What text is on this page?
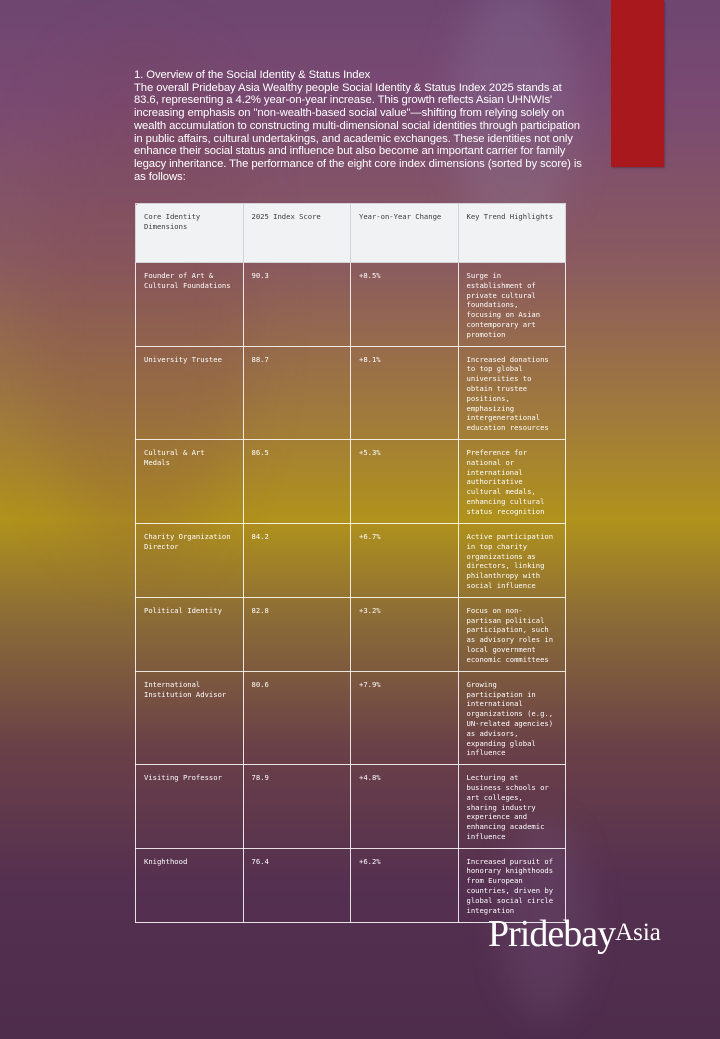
1. Overview of the Social Identity & Status Index

The overall Pridebay Asia Wealthy people Social Identity & Status Index 2025 stands at 83.6, representing a 4.2% year-on-year increase. This growth reflects Asian UHNWIs' increasing emphasis on "non-wealth-based social value"—shifting from relying solely on wealth accumulation to constructing multi-dimensional social identities through participation in public affairs, cultural undertakings, and academic exchanges. These identities not only enhance their social status and influence but also become an important carrier for family legacy inheritance. The performance of the eight core index dimensions (sorted by score) is as follows:

Core Identity Dimensions	2025 Index Score	Year-on-Year Change	Key Trend Highlights
Founder of Art & Cultural Foundations	90.3	+8.5%	Surge in establishment of private cultural foundations, focusing on Asian contemporary art promotion
University Trustee	88.7	+8.1%	Increased donations to top global universities to obtain trustee positions, emphasizing intergenerational education resources
Cultural & Art Medals	86.5	+5.3%	Preference for national or international authoritative cultural medals, enhancing cultural status recognition
Charity Organization Director	84.2	+6.7%	Active participation in top charity organizations as directors, linking philanthropy with social influence
Political Identity	82.8	+3.2%	Focus on non-partisan political participation, such as advisory roles in local government economic committees
International Institution Advisor	80.6	+7.9%	Growing participation in international organizations (e.g., UN-related agencies) as advisors, expanding global influence
Visiting Professor	78.9	+4.8%	Lecturing at business schools or art colleges, sharing industry experience and enhancing academic influence
Knighthood	76.4	+6.2%	Increased pursuit of honorary knighthoods from European countries, driven by global social circle integration
PridebayAsia
